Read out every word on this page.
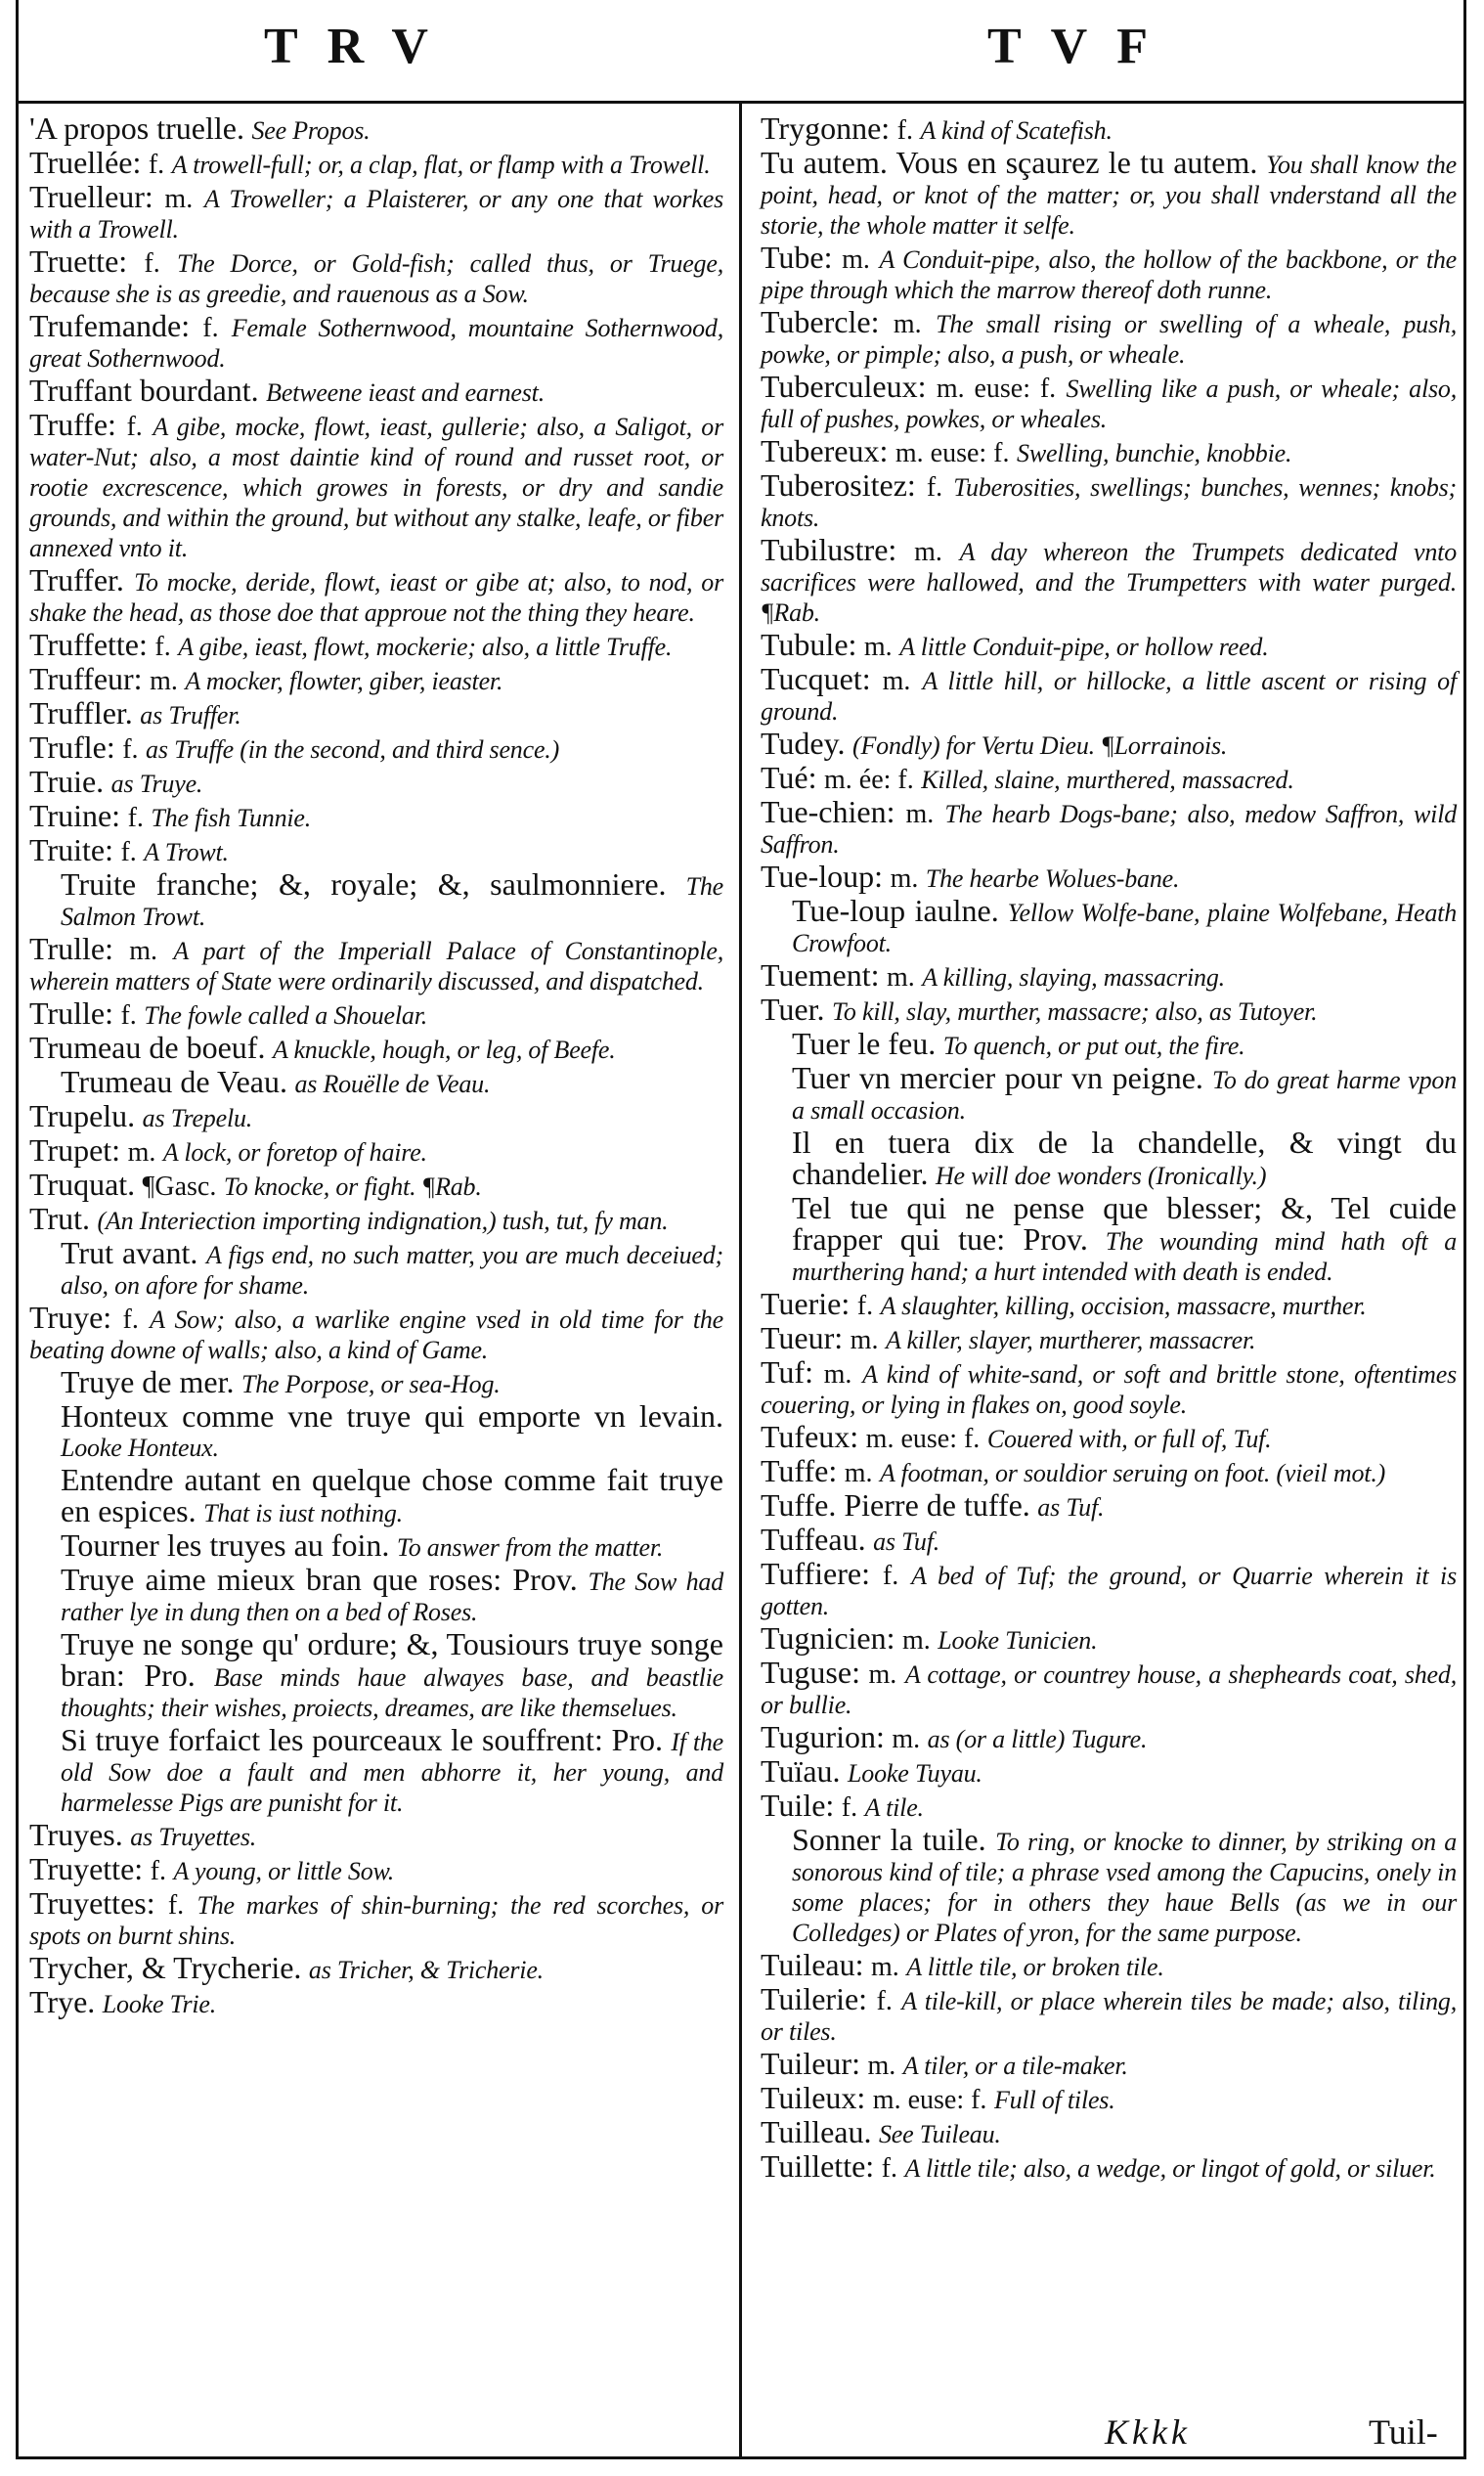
TRV	TVF
'A propos truelle. See Propos.
Truellée: f. A trowell-full; or, a clap, flat, or flamp with a Trowell.
Truelleur: m. A Troweller; a Plaisterer, or any one that workes with a Trowell.
Truette: f. The Dorce, or Gold-fish; called thus, or Truege, because she is as greedie, and rauenous as a Sow.
Trufemande: f. Female Sothernwood, mountaine Sothernwood, great Sothernwood.
Truffant bourdant. Betweene ieast and earnest.
Truffe: f. A gibe, mocke, flowt, ieast, gullerie; also, a Saligot, or water-Nut; also, a most daintie kind of round and russet root, or rootie excrescence, which growes in forests, or dry and sandie grounds, and within the ground, but without any stalke, leafe, or fiber annexed vnto it.
Truffer. To mocke, deride, flowt, ieast or gibe at; also, to nod, or shake the head, as those doe that approue not the thing they heare.
Truffette: f. A gibe, ieast, flowt, mockerie; also, a little Truffe.
Truffeur: m. A mocker, flowter, giber, ieaster.
Truffler. as Truffer.
Trufle: f. as Truffe (in the second, and third sence.)
Truie. as Truye.
Truine: f. The fish Tunnie.
Truite: f. A Trowt.
Truite franche; &, royale; &, saulmonniere. The Salmon Trowt.
Trulle: m. A part of the Imperiall Palace of Constantinople, wherein matters of State were ordinarily discussed, and dispatched.
Trulle: f. The fowle called a Shouelar.
Trumeau de boeuf. A knuckle, hough, or leg, of Beefe.
Trumeau de Veau. as Rouëlle de Veau.
Trupelu. as Trepelu.
Trupet: m. A lock, or foretop of haire.
Truquat. ¶Gasc. To knocke, or fight. ¶Rab.
Trut. (An Interiection importing indignation,) tush, tut, fy man.
Trut avant. A figs end, no such matter, you are much deceiued; also, on afore for shame.
Truye: f. A Sow; also, a warlike engine vsed in old time for the beating downe of walls; also, a kind of Game.
Truye de mer. The Porpose, or sea-Hog.
Honteux comme vne truye qui emporte vn levain. Looke Honteux.
Entendre autant en quelque chose comme fait truye en espices. That is iust nothing.
Tourner les truyes au foin. To answer from the matter.
Truye aime mieux bran que roses: Prov. The Sow had rather lye in dung then on a bed of Roses.
Truye ne songe qu' ordure; &, Tousiours truye songe bran: Pro. Base minds haue alwayes base, and beastlie thoughts; their wishes, proiects, dreames, are like themselues.
Si truye forfaict les pourceaux le souffrent: Pro. If the old Sow doe a fault and men abhorre it, her young, and harmelesse Pigs are punisht for it.
Truyes. as Truyettes.
Truyette: f. A young, or little Sow.
Truyettes: f. The markes of shin-burning; the red scorches, or spots on burnt shins.
Trycher, & Trycherie. as Tricher, & Tricherie.
Trye. Looke Trie.
Trygonne: f. A kind of Scatefish.
Tu autem. Vous en sçaurez le tu autem. You shall know the point, head, or knot of the matter; or, you shall vnderstand all the storie, the whole matter it selfe.
Tube: m. A Conduit-pipe, also, the hollow of the backbone, or the pipe through which the marrow thereof doth runne.
Tubercle: m. The small rising or swelling of a wheale, push, powke, or pimple; also, a push, or wheale.
Tuberculeux: m. euse: f. Swelling like a push, or wheale; also, full of pushes, powkes, or wheales.
Tubereux: m. euse: f. Swelling, bunchie, knobbie.
Tuberositez: f. Tuberosities, swellings; bunches, wennes; knobs; knots.
Tubilustre: m. A day whereon the Trumpets dedicated vnto sacrifices were hallowed, and the Trumpetters with water purged. ¶Rab.
Tubule: m. A little Conduit-pipe, or hollow reed.
Tucquet: m. A little hill, or hillocke, a little ascent or rising of ground.
Tudey. (Fondly) for Vertu Dieu. ¶Lorrainois.
Tué: m. ée: f. Killed, slaine, murthered, massacred.
Tue-chien: m. The hearb Dogs-bane; also, medow Saffron, wild Saffron.
Tue-loup: m. The hearbe Wolues-bane.
Tue-loup iaulne. Yellow Wolfe-bane, plaine Wolfebane, Heath Crowfoot.
Tuement: m. A killing, slaying, massacring.
Tuer. To kill, slay, murther, massacre; also, as Tutoyer.
Tuer le feu. To quench, or put out, the fire.
Tuer vn mercier pour vn peigne. To do great harme vpon a small occasion.
Il en tuera dix de la chandelle, & vingt du chandelier. He will doe wonders (Ironically.)
Tel tue qui ne pense que blesser; &, Tel cuide frapper qui tue: Prov. The wounding mind hath oft a murthering hand; a hurt intended with death is ended.
Tuerie: f. A slaughter, killing, occision, massacre, murther.
Tueur: m. A killer, slayer, murtherer, massacrer.
Tuf: m. A kind of white-sand, or soft and brittle stone, oftentimes couering, or lying in flakes on, good soyle.
Tufeux: m. euse: f. Couered with, or full of, Tuf.
Tuffe: m. A footman, or souldior seruing on foot. (vieil mot.)
Tuffe. Pierre de tuffe. as Tuf.
Tuffeau. as Tuf.
Tuffiere: f. A bed of Tuf; the ground, or Quarrie wherein it is gotten.
Tugnicien: m. Looke Tunicien.
Tuguse: m. A cottage, or countrey house, a shepheards coat, shed, or bullie.
Tugurion: m. as (or a little) Tugure.
Tuïau. Looke Tuyau.
Tuile: f. A tile.
Sonner la tuile. To ring, or knocke to dinner, by striking on a sonorous kind of tile; a phrase vsed among the Capucins, onely in some places; for in others they haue Bells (as we in our Colledges) or Plates of yron, for the same purpose.
Tuileau: m. A little tile, or broken tile.
Tuilerie: f. A tile-kill, or place wherein tiles be made; also, tiling, or tiles.
Tuileur: m. A tiler, or a tile-maker.
Tuileux: m. euse: f. Full of tiles.
Tuilleau. See Tuileau.
Tuillette: f. A little tile; also, a wedge, or lingot of gold, or siluer.
Kkkk	Tuil-
